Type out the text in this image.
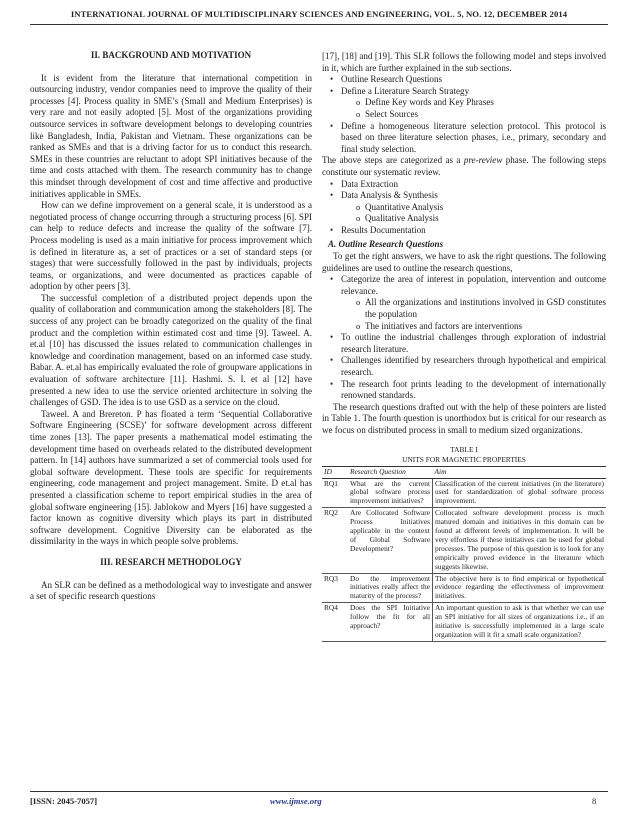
INTERNATIONAL JOURNAL OF MULTIDISCIPLINARY SCIENCES AND ENGINEERING, VOL. 5, NO. 12, DECEMBER 2014
II. BACKGROUND AND MOTIVATION

It is evident from the literature that international competition in outsourcing industry, vendor companies need to improve the quality of their processes [4]. Process quality in SME’s (Small and Medium Enterprises) is very rare and not easily adopted [5]. Most of the organizations providing outsource services in software development belongs to developing countries like Bangladesh, India, Pakistan and Vietnam. These organizations can be ranked as SMEs and that is a driving factor for us to conduct this research. SMEs in these countries are reluctant to adopt SPI initiatives because of the time and costs attached with them. The research community has to change this mindset through development of cost and time affective and productive initiatives applicable in SMEs.

How can we define improvement on a general scale, it is understood as a negotiated process of change occurring through a structuring process [6]. SPI can help to reduce defects and increase the quality of the software [7]. Process modeling is used as a main initiative for process improvement which is defined in literature as, a set of practices or a set of standard steps (or stages) that were successfully followed in the past by individuals, projects teams, or organizations, and were documented as practices capable of adoption by other peers [3].

The successful completion of a distributed project depends upon the quality of collaboration and communication among the stakeholders [8]. The success of any project can be broadly categorized on the quality of the final product and the completion within estimated cost and time [9]. Taweel. A. et.al [10] has discussed the issues related to communication challenges in knowledge and coordination management, based on an informed case study. Babar. A. et.al has empirically evaluated the role of groupware applications in evaluation of software architecture [11]. Hashmi. S. I. et al [12] have presented a new idea to use the service oriented architecture in solving the challenges of GSD. The idea is to use GSD as a service on the cloud.

Taweel. A and Brereton. P has floated a term ‘Sequential Collaborative Software Engineering (SCSE)’ for software development across different time zones [13]. The paper presents a mathematical model estimating the development time based on overheads related to the distributed development pattern. In [14] authors have summarized a set of commercial tools used for global software development. These tools are specific for requirements engineering, code management and project management. Smite. D et.al has presented a classification scheme to report empirical studies in the area of global software engineering [15]. Jablokow and Myers [16] have suggested a factor known as cognitive diversity which plays its part in distributed software development. Cognitive Diversity can be elaborated as the dissimilarity in the ways in which people solve problems.

III. RESEARCH METHODOLOGY

An SLR can be defined as a methodological way to investigate and answer a set of specific research questions

[17], [18] and [19]. This SLR follows the following model and steps involved in it, which are further explained in the sub sections.

• Outline Research Questions
• Define a Literature Search Strategy
o Define Key words and Key Phrases
o Select Sources
• Define a homogeneous literature selection protocol. This protocol is based on three literature selection phases, i.e., primary, secondary and final study selection.

The above steps are categorized as a pre-review phase. The following steps constitute our systematic review.

• Data Extraction
• Data Analysis & Synthesis
o Quantitative Analysis
o Qualitative Analysis
• Results Documentation
A. Outline Research Questions

To get the right answers, we have to ask the right questions. The following guidelines are used to outline the research questions,

• Categorize the area of interest in population, intervention and outcome relevance.
o All the organizations and institutions involved in GSD constitutes the population
o The initiatives and factors are interventions
• To outline the industrial challenges through exploration of industrial research literature.
• Challenges identified by researchers through hypothetical and empirical research.
• The research foot prints leading to the development of internationally renowned standards.

The research questions drafted out with the help of these pointers are listed in Table 1. The fourth question is unorthodox but is critical for our research as we focus on distributed process in small to medium sized organizations.

TABLE I
UNITS FOR MAGNETIC PROPERTIES
ID	Research Question	Aim
RQ1	What are the current global software process improvement initiatives?	Classification of the current initiatives (in the literature) used for standardization of global software process improvement.
RQ2	Are Collocated Software Process Initiatives applicable in the context of Global Software Development?	Collocated software development process is much matured domain and initiatives in this domain can be found at different levels of implementation. It will be very effortless if these initiatives can be used for global processes. The purpose of this question is to look for any empirically proved evidence in the literature which suggests likewise.
RQ3	Do the improvement initiatives really affect the maturity of the process?	The objective here is to find empirical or hypothetical evidence regarding the effectiveness of improvement initiatives.
RQ4	Does the SPI Initiative follow the fit for all approach?	An important question to ask is that whether we can use an SPI initiative for all sizes of organizations i.e., if an initiative is successfully implemented in a large scale organization will it fit a small scale organization?
[ISSN: 2045-7057]	www.ijmse.org	8
